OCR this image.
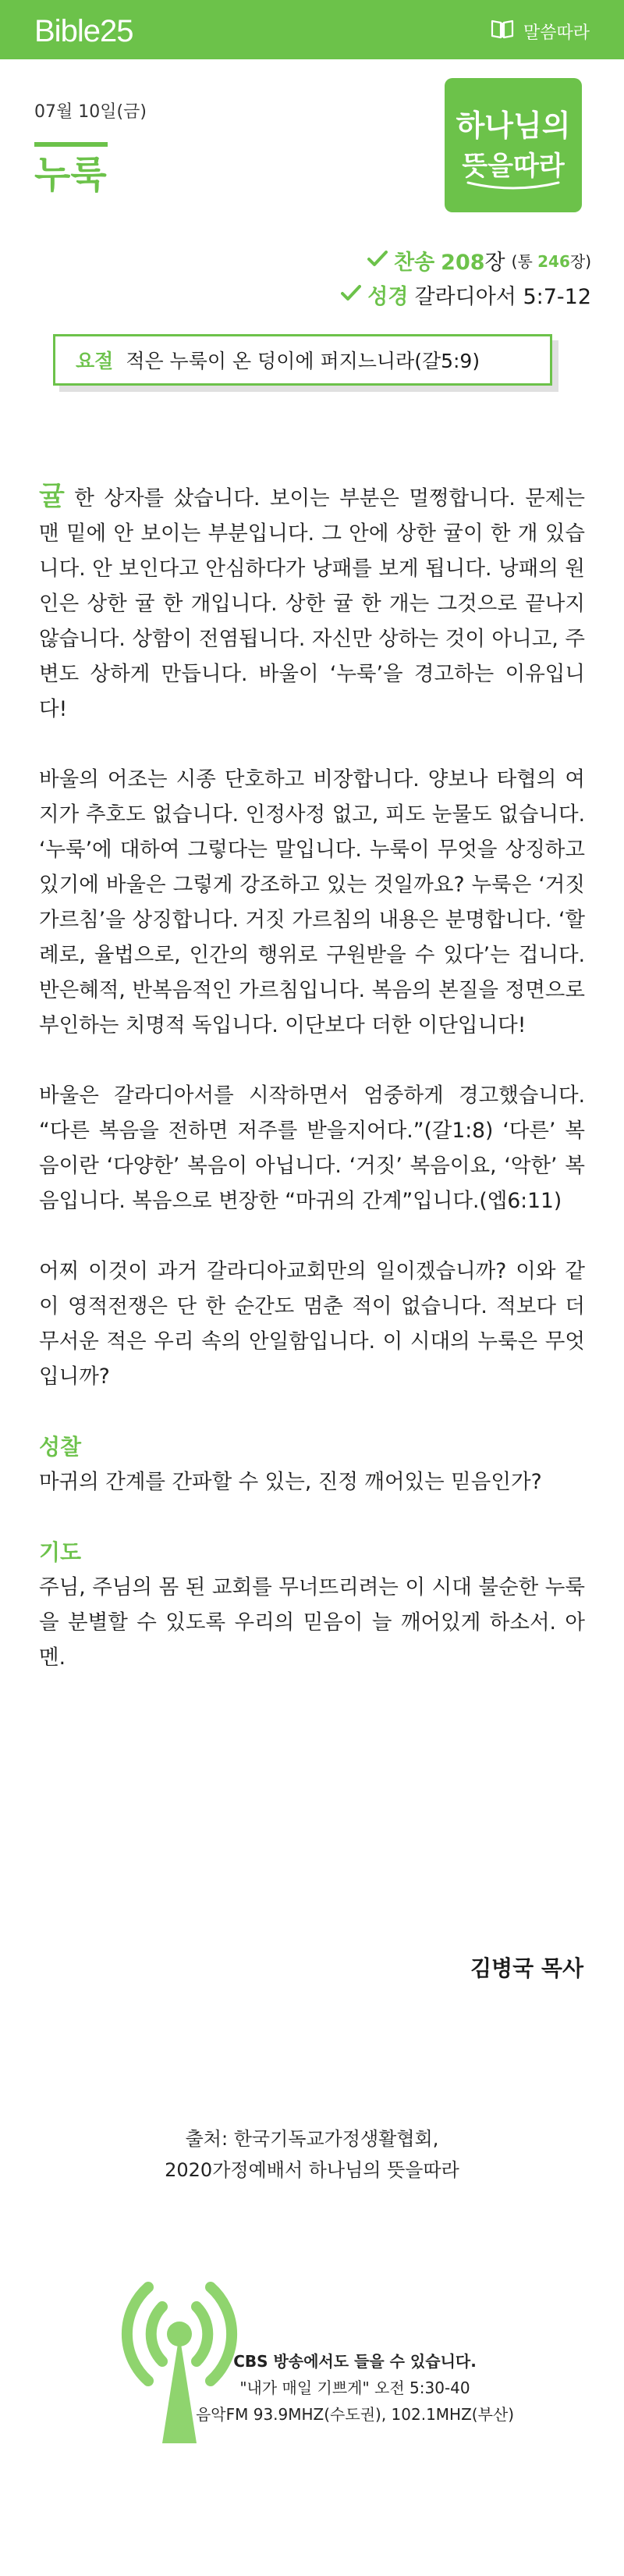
Bible25	말씀따라
07월 10일(금)
누룩
하나님의
뜻을따라
찬송 208장 (통 246장)
성경 갈라디아서 5:7-12
요절 적은 누룩이 온 덩이에 퍼지느니라(갈5:9)

귤 한 상자를 샀습니다. 보이는 부분은 멀쩡합니다. 문제는 맨 밑에 안 보이는 부분입니다. 그 안에 상한 귤이 한 개 있습니다. 안 보인다고 안심하다가 낭패를 보게 됩니다. 낭패의 원인은 상한 귤 한 개입니다. 상한 귤 한 개는 그것으로 끝나지 않습니다. 상함이 전염됩니다. 자신만 상하는 것이 아니고, 주변도 상하게 만듭니다. 바울이 ‘누룩’을 경고하는 이유입니다!

바울의 어조는 시종 단호하고 비장합니다. 양보나 타협의 여지가 추호도 없습니다. 인정사정 없고, 피도 눈물도 없습니다. ‘누룩’에 대하여 그렇다는 말입니다. 누룩이 무엇을 상징하고 있기에 바울은 그렇게 강조하고 있는 것일까요? 누룩은 ‘거짓 가르침’을 상징합니다. 거짓 가르침의 내용은 분명합니다. ‘할례로, 율법으로, 인간의 행위로 구원받을 수 있다’는 겁니다. 반은혜적, 반복음적인 가르침입니다. 복음의 본질을 정면으로 부인하는 치명적 독입니다. 이단보다 더한 이단입니다!

바울은 갈라디아서를 시작하면서 엄중하게 경고했습니다. “다른 복음을 전하면 저주를 받을지어다.”(갈1:8) ‘다른’ 복음이란 ‘다양한’ 복음이 아닙니다. ‘거짓’ 복음이요, ‘악한’ 복음입니다. 복음으로 변장한 “마귀의 간계”입니다.(엡6:11)

어찌 이것이 과거 갈라디아교회만의 일이겠습니까? 이와 같이 영적전쟁은 단 한 순간도 멈춘 적이 없습니다. 적보다 더 무서운 적은 우리 속의 안일함입니다. 이 시대의 누룩은 무엇입니까?

성찰

마귀의 간계를 간파할 수 있는, 진정 깨어있는 믿음인가?

기도

주님, 주님의 몸 된 교회를 무너뜨리려는 이 시대 불순한 누룩을 분별할 수 있도록 우리의 믿음이 늘 깨어있게 하소서. 아멘.

김병국 목사
출처: 한국기독교가정생활협회,
2020가정예배서 하나님의 뜻을따라
CBS 방송에서도 들을 수 있습니다.
"내가 매일 기쁘게" 오전 5:30-40
음악FM 93.9MHZ(수도권), 102.1MHZ(부산)
